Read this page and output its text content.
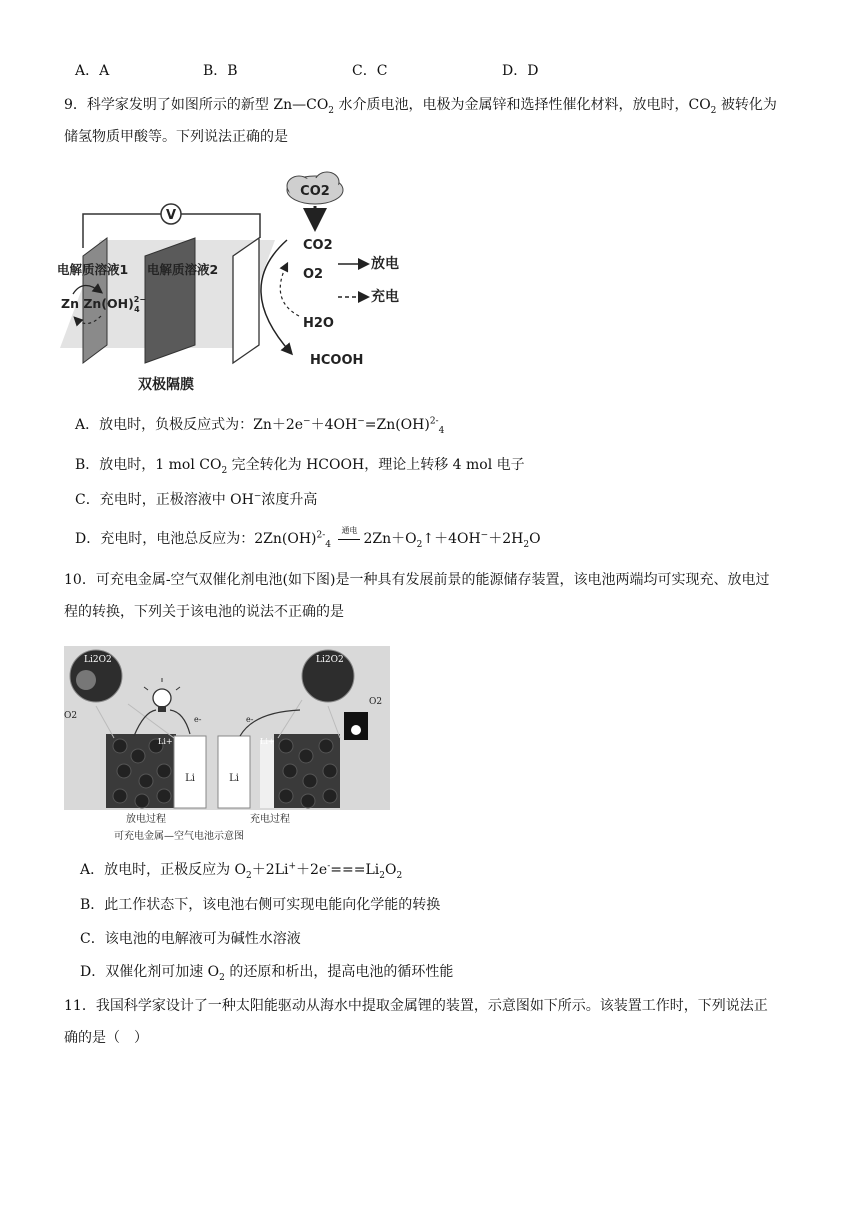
A．A	B．B	C．C	D．D
9．科学家发明了如图所示的新型 $Zn—CO_2$ 水介质电池，电极为金属锌和选择性催化材料，放电时，$CO_2$ 被转化为
储氢物质甲酸等。下列说法正确的是
V
电解质溶液1 电解质溶液2
Zn Zn(OH)$^{2-}$ 4
CO2
CO2
O2
H2O
HCOOH
放电
充电
双极隔膜
A．放电时，负极反应式为：Zn＋2e−＋4OH−=Zn(OH)$^{2-}_4$
B．放电时，1 mol $CO_2$ 完全转化为 HCOOH，理论上转移 4 mol 电子
C．充电时，正极溶液中 OH−浓度升高
D．充电时，电池总反应为：2Zn(OH)$^{2-}_4$
通电
$2Zn+O_2↑+4OH^-+2H_2O$
10．可充电金属-空气双催化剂电池(如下图)是一种具有发展前景的能源储存装置，该电池两端均可实现充、放电过
程的转换，下列关于该电池的说法不正确的是
Li	Li
Li2O2	Li2O2
O2
O2
e-	e-
Li+	Li+
放电过程	充电过程
可充电金属—空气电池示意图
A．放电时，正极反应为 $O_2+2Li^++2e^-===Li_2O_2$
B．此工作状态下，该电池右侧可实现电能向化学能的转换
C．该电池的电解液可为碱性水溶液
D．双催化剂可加速 $O_2$ 的还原和析出，提高电池的循环性能
11．我国科学家设计了一种太阳能驱动从海水中提取金属锂的装置，示意图如下所示。该装置工作时，下列说法正
确的是（　）
